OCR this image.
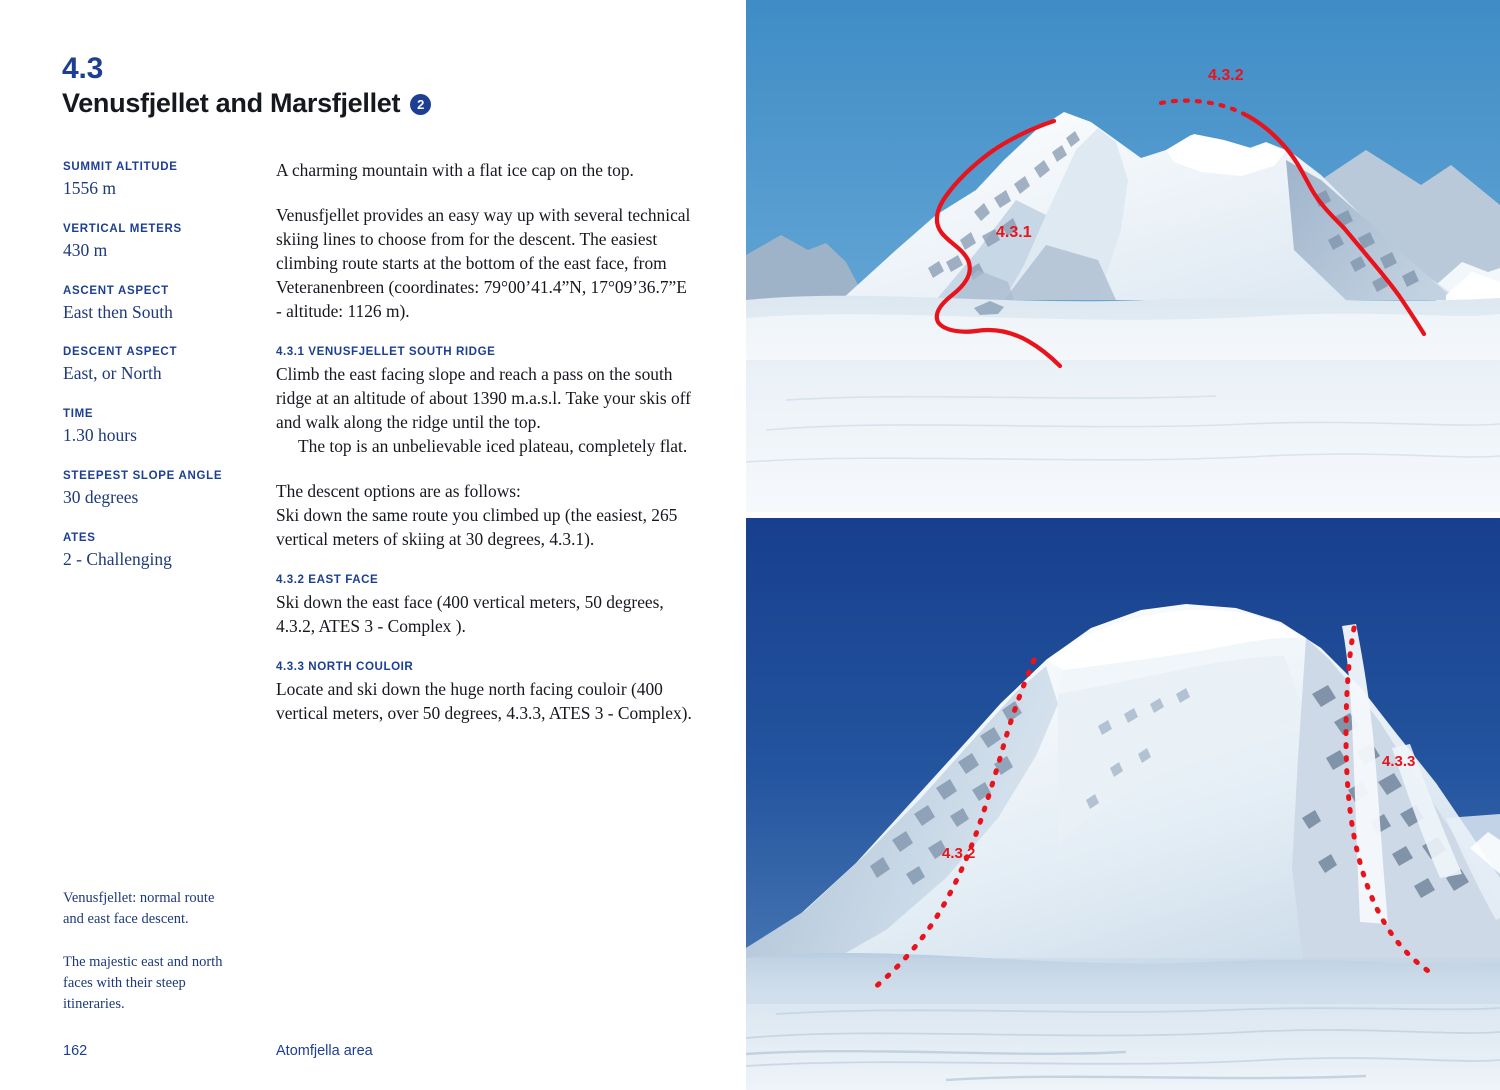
4.3
Venusfjellet and Marsfjellet	2
SUMMIT ALTITUDE
1556 m
VERTICAL METERS
430 m
ASCENT ASPECT
East then South
DESCENT ASPECT
East, or North
TIME
1.30 hours
STEEPEST SLOPE ANGLE
30 degrees
ATES
2 - Challenging

A charming mountain with a flat ice cap on the top.

Venusfjellet provides an easy way up with several technical skiing lines to choose from for the descent. The easiest climbing route starts at the bottom of the east face, from Veteranenbreen (coordinates: 79°00’41.4”N, 17°09’36.7”E - altitude: 1126 m).

4.3.1 VENUSFJELLET SOUTH RIDGE

Climb the east facing slope and reach a pass on the south ridge at an altitude of about 1390 m.a.s.l. Take your skis off and walk along the ridge until the top.

The top is an unbelievable iced plateau, completely flat.

The descent options are as follows:

Ski down the same route you climbed up (the easiest, 265 vertical meters of skiing at 30 degrees, 4.3.1).

4.3.2 EAST FACE

Ski down the east face (400 vertical meters, 50 degrees, 4.3.2, ATES 3 - Complex ).

4.3.3 NORTH COULOIR

Locate and ski down the huge north facing couloir (400 vertical meters, over 50 degrees, 4.3.3, ATES 3 - Complex).

Venusfjellet: normal route and east face descent.

The majestic east and north faces with their steep itineraries.

162	Atomfjella area
4.3.1
4.3.2
4.3.2
4.3.3
